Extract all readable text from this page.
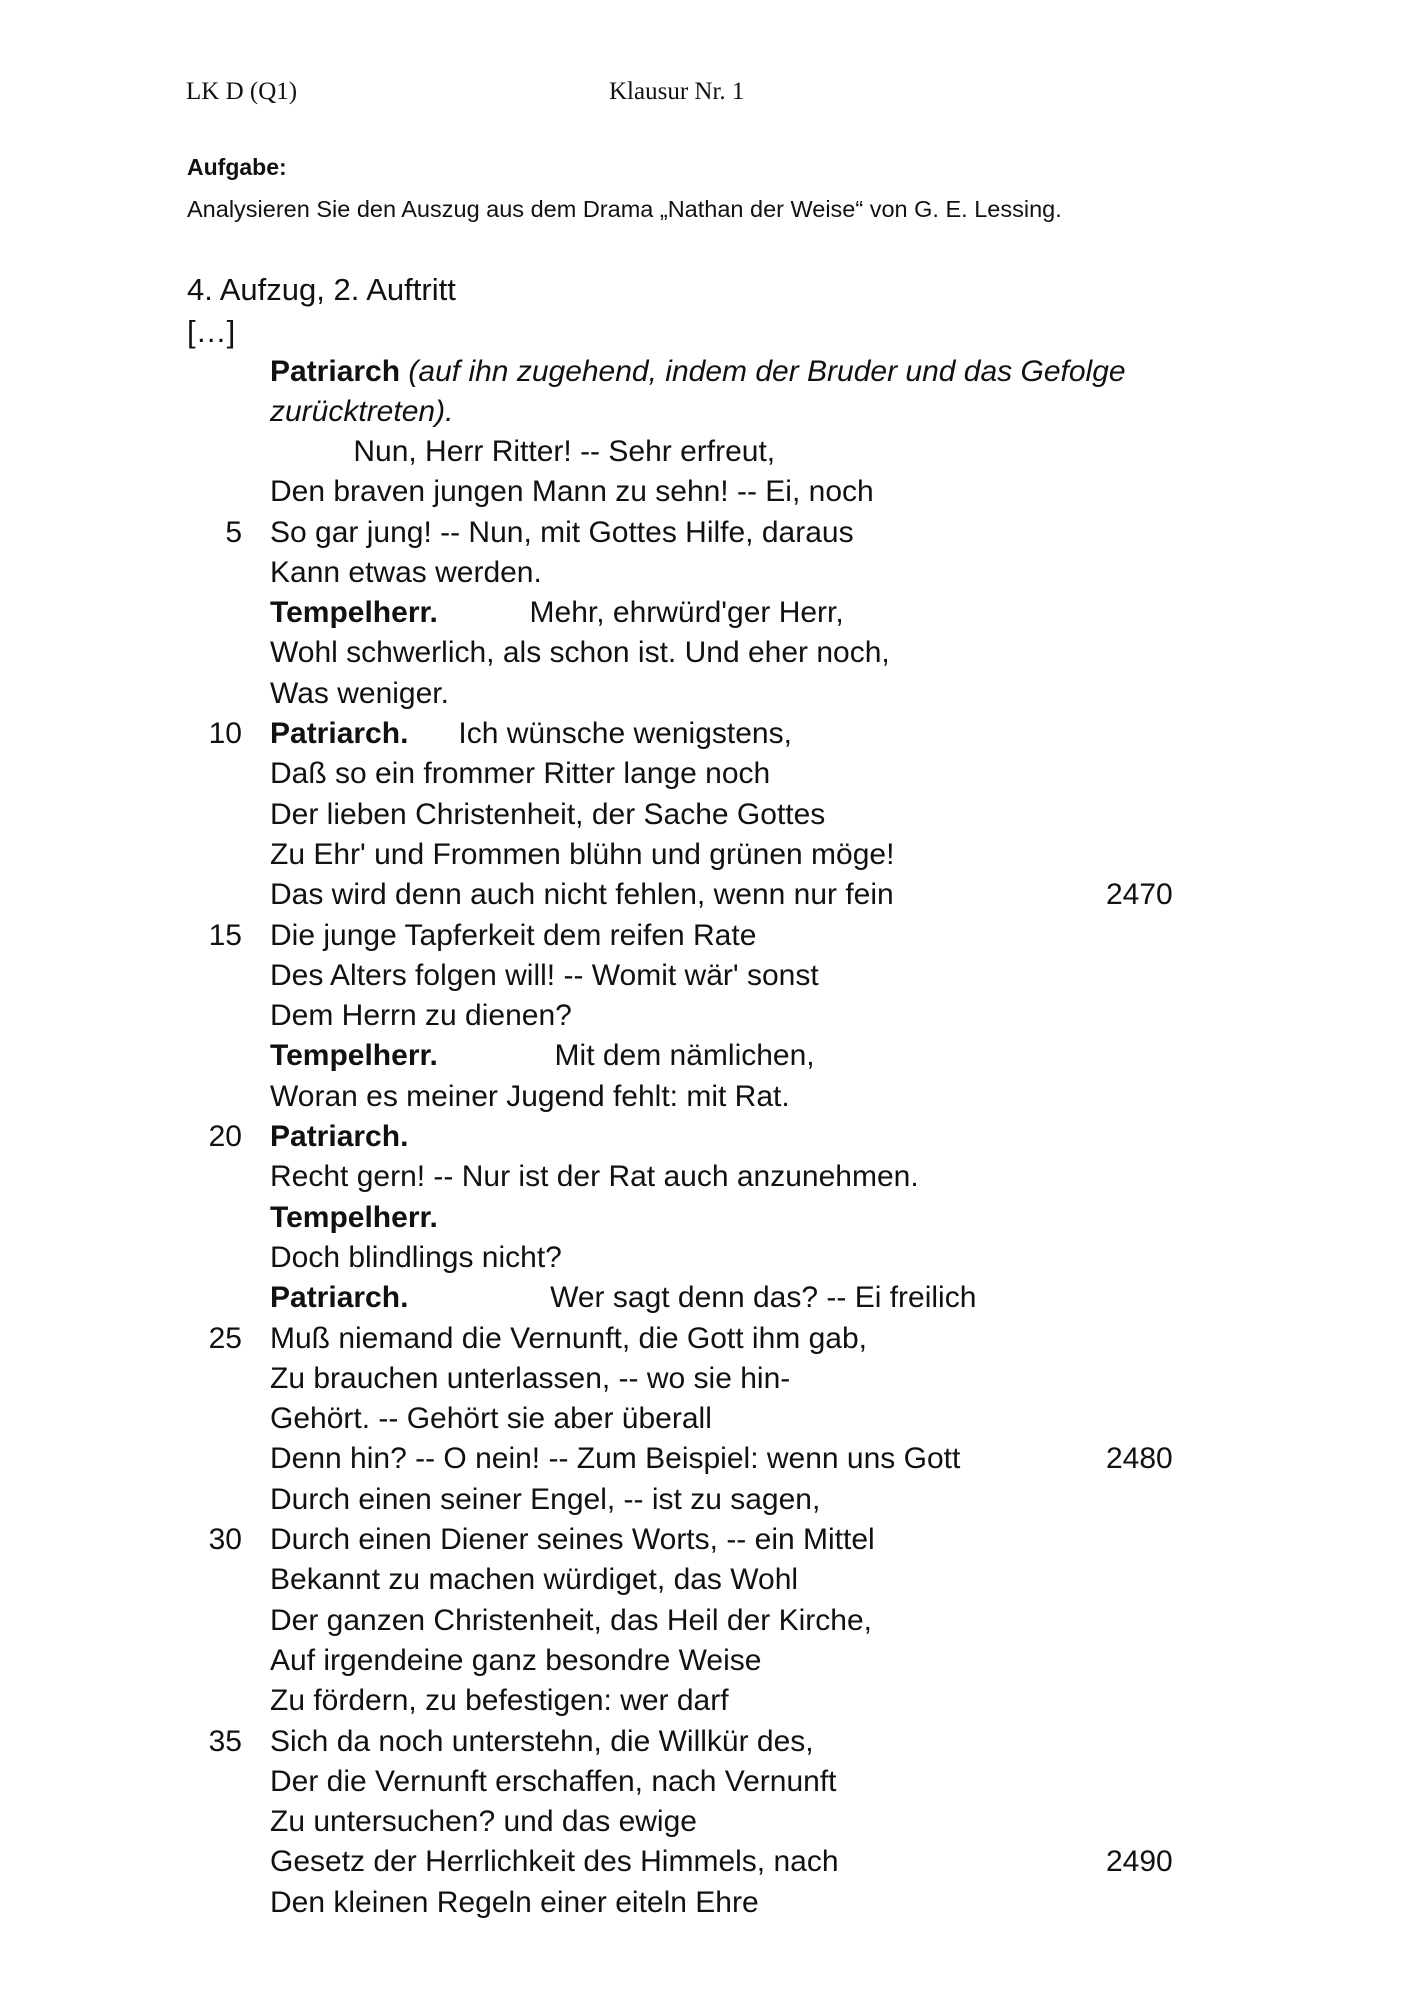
LK D (Q1)	Klausur Nr. 1
Aufgabe:
Analysieren Sie den Auszug aus dem Drama „Nathan der Weise“ von G. E. Lessing.
4. Aufzug, 2. Auftritt
[…]
Patriarch (auf ihn zugehend, indem der Bruder und das Gefolge
zurücktreten).
Nun, Herr Ritter! -- Sehr erfreut,
Den braven jungen Mann zu sehn! -- Ei, noch
5 So gar jung! -- Nun, mit Gottes Hilfe, daraus
Kann etwas werden.
Tempelherr.           Mehr, ehrwürd'ger Herr,
Wohl schwerlich, als schon ist. Und eher noch,
Was weniger.
10 Patriarch.      Ich wünsche wenigstens,
Daß so ein frommer Ritter lange noch
Der lieben Christenheit, der Sache Gottes
Zu Ehr' und Frommen blühn und grünen möge!
Das wird denn auch nicht fehlen, wenn nur fein	2470
15 Die junge Tapferkeit dem reifen Rate
Des Alters folgen will! -- Womit wär' sonst
Dem Herrn zu dienen?
Tempelherr.              Mit dem nämlichen,
Woran es meiner Jugend fehlt: mit Rat.
20 Patriarch.
Recht gern! -- Nur ist der Rat auch anzunehmen.
Tempelherr.
Doch blindlings nicht?
Patriarch.                 Wer sagt denn das? -- Ei freilich
25 Muß niemand die Vernunft, die Gott ihm gab,
Zu brauchen unterlassen, -- wo sie hin-
Gehört. -- Gehört sie aber überall
Denn hin? -- O nein! -- Zum Beispiel: wenn uns Gott	2480
Durch einen seiner Engel, -- ist zu sagen,
30 Durch einen Diener seines Worts, -- ein Mittel
Bekannt zu machen würdiget, das Wohl
Der ganzen Christenheit, das Heil der Kirche,
Auf irgendeine ganz besondre Weise
Zu fördern, zu befestigen: wer darf
35 Sich da noch unterstehn, die Willkür des,
Der die Vernunft erschaffen, nach Vernunft
Zu untersuchen? und das ewige
Gesetz der Herrlichkeit des Himmels, nach	2490
Den kleinen Regeln einer eiteln Ehre
